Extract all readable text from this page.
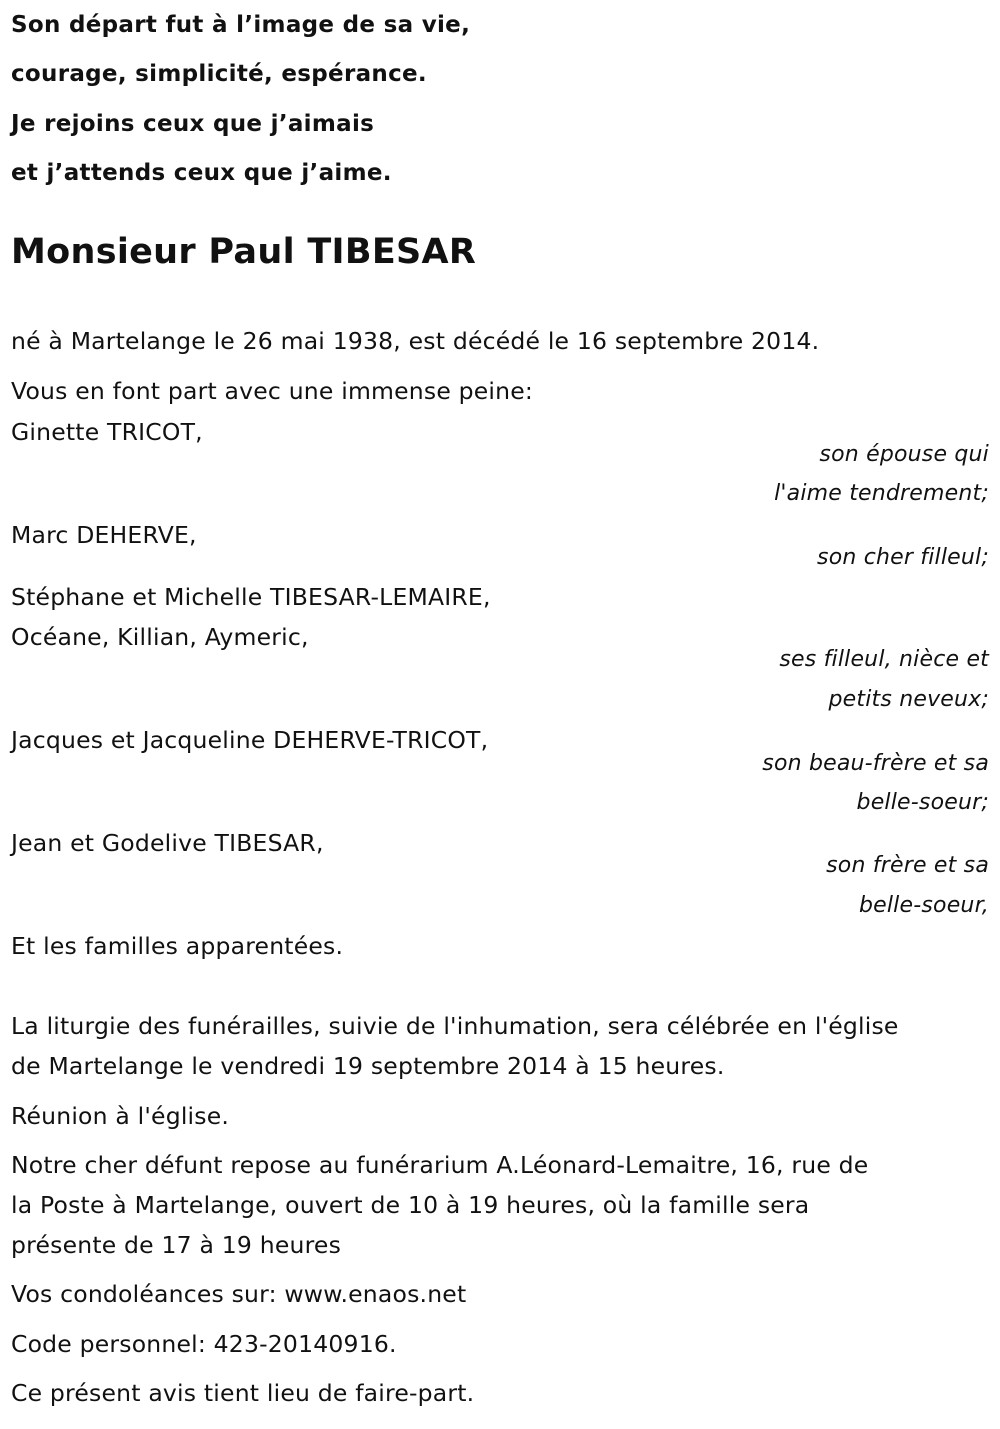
Son départ fut à l’image de sa vie,
courage, simplicité, espérance.
Je rejoins ceux que j’aimais
et j’attends ceux que j’aime.
Monsieur Paul TIBESAR
né à Martelange le 26 mai 1938, est décédé le 16 septembre 2014.
Vous en font part avec une immense peine:
Ginette TRICOT,
son épouse qui
l'aime tendrement;
Marc DEHERVE,
son cher filleul;
Stéphane et Michelle TIBESAR-LEMAIRE,
Océane, Killian, Aymeric,
ses filleul, nièce et
petits neveux;
Jacques et Jacqueline DEHERVE-TRICOT,
son beau-frère et sa
belle-soeur;
Jean et Godelive TIBESAR,
son frère et sa
belle-soeur,
Et les familles apparentées.
La liturgie des funérailles, suivie de l'inhumation, sera célébrée en l'église
de Martelange le vendredi 19 septembre 2014 à 15 heures.
Réunion à l'église.
Notre cher défunt repose au funérarium A.Léonard-Lemaitre, 16, rue de
la Poste à Martelange, ouvert de 10 à 19 heures, où la famille sera
présente de 17 à 19 heures
Vos condoléances sur: www.enaos.net
Code personnel: 423-20140916.
Ce présent avis tient lieu de faire-part.
